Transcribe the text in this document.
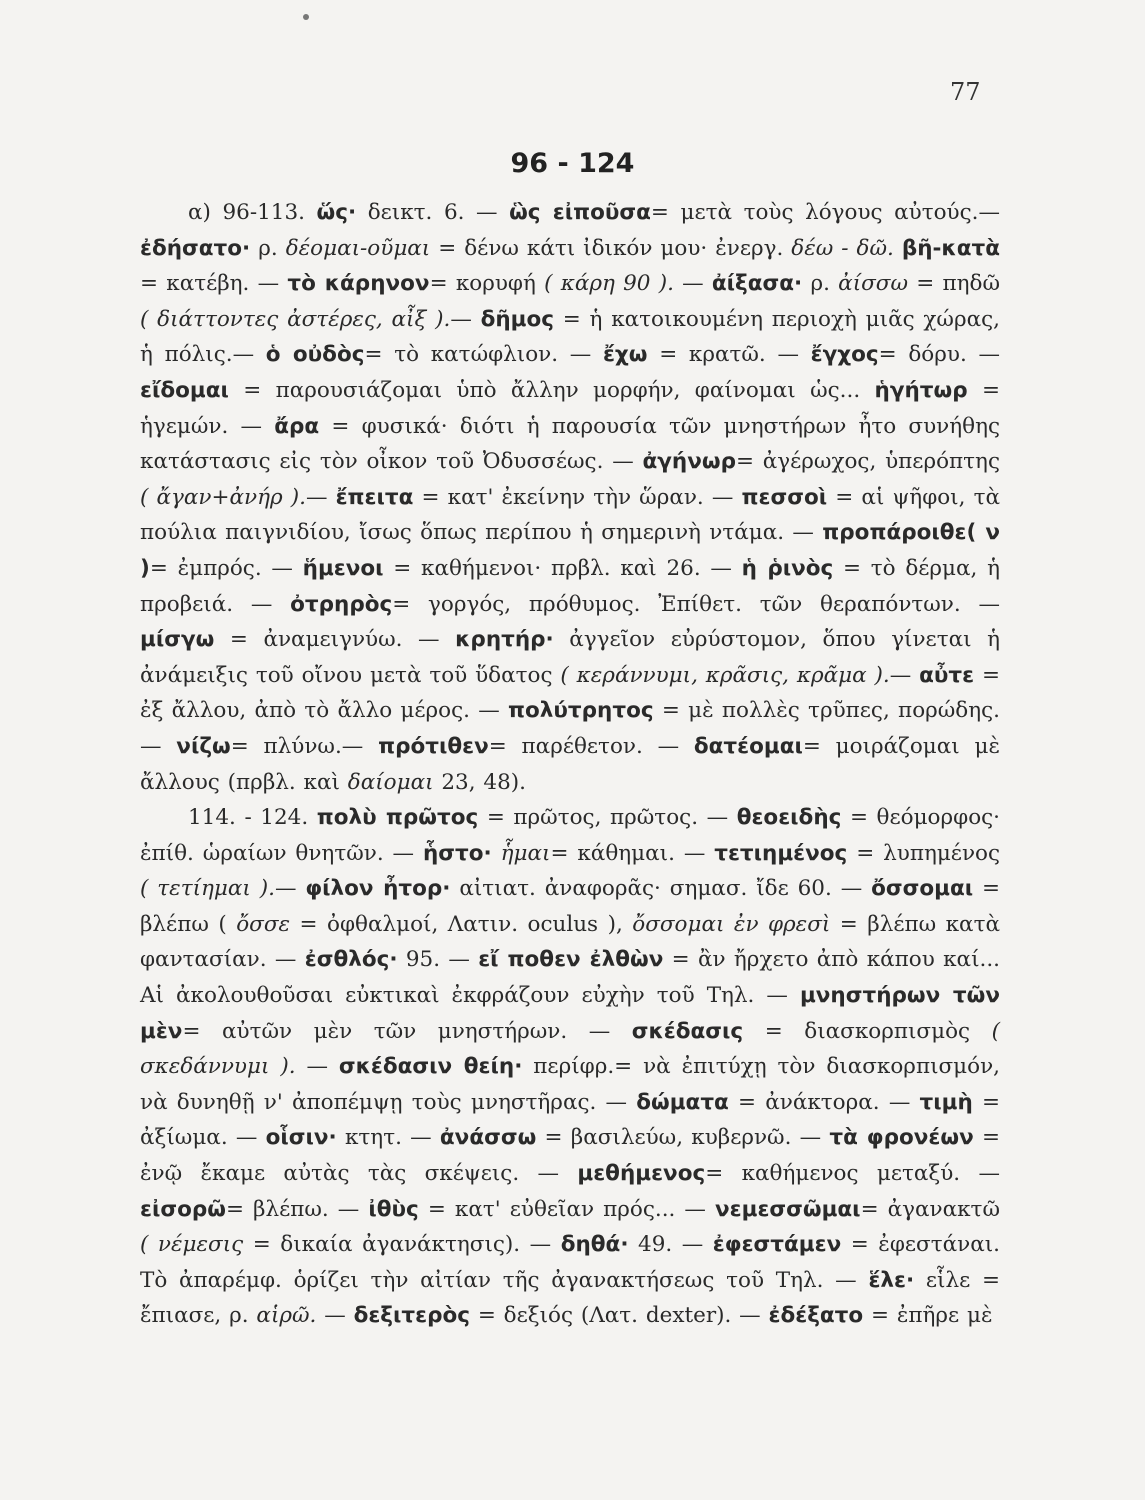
77
96 - 124

α) 96-113. ὥς· δεικτ. 6. — ὣς εἰποῦσα= μετὰ τοὺς λόγους αὐτούς.— ἐδήσατο· ρ. δέομαι-οῦμαι = δένω κάτι ἰδικόν μου· ἐνεργ. δέω - δῶ. βῆ-κατὰ = κατέβη. — τὸ κάρηνον= κορυφή ( κάρη 90 ). — ἀίξασα· ρ. ἀίσσω = πηδῶ ( διάττοντες ἀστέρες, αἶξ ).— δῆμος = ἡ κατοικουμένη περιοχὴ μιᾶς χώρας, ἡ πόλις.— ὁ οὐδὸς= τὸ κατώφλιον. — ἔχω = κρατῶ. — ἔγχος= δόρυ. — εἴδομαι = παρουσιάζομαι ὑπὸ ἄλλην μορφήν, φαίνομαι ὡς... ἡγήτωρ = ἡγεμών. — ἄρα = φυσικά· διότι ἡ παρουσία τῶν μνηστήρων ἦτο συνήθης κατάστασις εἰς τὸν οἶκον τοῦ Ὀδυσσέως. — ἀγήνωρ= ἀγέρωχος, ὑπερόπτης ( ἄγαν+ἀνήρ ).— ἔπειτα = κατ' ἐκείνην τὴν ὥραν. — πεσσοὶ = αἱ ψῆφοι, τὰ πούλια παιγνιδίου, ἴσως ὅπως περίπου ἡ σημερινὴ ντάμα. — προπάροιθε( ν )= ἐμπρός. — ἥμενοι = καθήμενοι· πρβλ. καὶ 26. — ἡ ῥινὸς = τὸ δέρμα, ἡ προβειά. — ὀτρηρὸς= γοργός, πρόθυμος. Ἐπίθετ. τῶν θεραπόντων. — μίσγω = ἀναμειγνύω. — κρητήρ· ἀγγεῖον εὐρύστομον, ὅπου γίνεται ἡ ἀνάμειξις τοῦ οἴνου μετὰ τοῦ ὕδατος ( κεράννυμι, κρᾶσις, κρᾶμα ).— αὖτε = ἐξ ἄλλου, ἀπὸ τὸ ἄλλο μέρος. — πολύτρητος = μὲ πολλὲς τρῦπες, πορώδης. — νίζω= πλύνω.— πρότιθεν= παρέθετον. — δατέομαι= μοιράζομαι μὲ ἄλλους (πρβλ. καὶ δαίομαι 23, 48).

114. - 124. πολὺ πρῶτος = πρῶτος, πρῶτος. — θεοειδὴς = θεόμορφος· ἐπίθ. ὡραίων θνητῶν. — ἧστο· ἧμαι= κάθημαι. — τετιημένος = λυπημένος ( τετίημαι ).— φίλον ἦτορ· αἰτιατ. ἀναφορᾶς· σημασ. ἴδε 60. — ὄσσομαι = βλέπω ( ὄσσε = ὀφθαλμοί, Λατιν. oculus ), ὄσσομαι ἐν φρεσὶ = βλέπω κατὰ φαντασίαν. — ἐσθλός· 95. — εἴ ποθεν ἐλθὼν = ἂν ἤρχετο ἀπὸ κάπου καί... Αἱ ἀκολουθοῦσαι εὐκτικαὶ ἐκφράζουν εὐχὴν τοῦ Τηλ. — μνηστήρων τῶν μὲν= αὐτῶν μὲν τῶν μνηστήρων. — σκέδασις = διασκορπισμὸς ( σκεδάννυμι ). — σκέδασιν θείη· περίφρ.= νὰ ἐπιτύχῃ τὸν διασκορπισμόν, νὰ δυνηθῇ ν' ἀποπέμψῃ τοὺς μνηστῆρας. — δώματα = ἀνάκτορα. — τιμὴ = ἀξίωμα. — οἷσιν· κτητ. — ἀνάσσω = βασιλεύω, κυβερνῶ. — τὰ φρονέων = ἐνῷ ἔκαμε αὐτὰς τὰς σκέψεις. — μεθήμενος= καθήμενος μεταξύ. — εἰσορῶ= βλέπω. — ἰθὺς = κατ' εὐθεῖαν πρός... — νεμεσσῶμαι= ἀγανακτῶ ( νέμεσις = δικαία ἀγανάκτησις). — δηθά· 49. — ἐφεστάμεν = ἐφεστάναι. Τὸ ἀπαρέμφ. ὁρίζει τὴν αἰτίαν τῆς ἀγανακτήσεως τοῦ Τηλ. — ἕλε· εἷλε = ἔπιασε, ρ. αἱρῶ. — δεξιτερὸς = δεξιός (Λατ. dexter). — ἐδέξατο = ἐπῆρε μὲ
